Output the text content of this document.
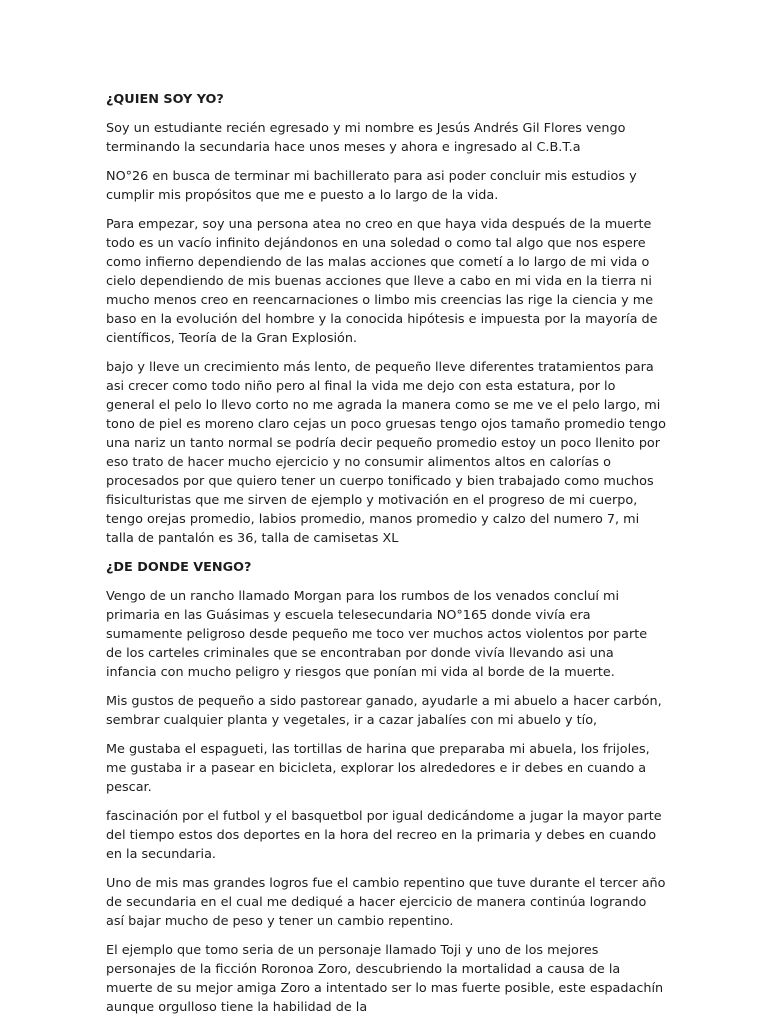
¿QUIEN SOY YO?

Soy un estudiante recién egresado y mi nombre es Jesús Andrés Gil Flores vengo terminando la secundaria hace unos meses y ahora e ingresado al C.B.T.a

NO°26 en busca de terminar mi bachillerato para asi poder concluir mis estudios y cumplir mis propósitos que me e puesto a lo largo de la vida.

Para empezar, soy una persona atea no creo en que haya vida después de la muerte todo es un vacío infinito dejándonos en una soledad o como tal algo que nos espere como infierno dependiendo de las malas acciones que cometí a lo largo de mi vida o cielo dependiendo de mis buenas acciones que lleve a cabo en mi vida en la tierra ni mucho menos creo en reencarnaciones o limbo mis creencias las rige la ciencia y me baso en la evolución del hombre y la conocida hipótesis e impuesta por la mayoría de científicos, Teoría de la Gran Explosión.

bajo y lleve un crecimiento más lento, de pequeño lleve diferentes tratamientos para asi crecer como todo niño pero al final la vida me dejo con esta estatura, por lo general el pelo lo llevo corto no me agrada la manera como se me ve el pelo largo, mi tono de piel es moreno claro cejas un poco gruesas tengo ojos tamaño promedio tengo una nariz un tanto normal se podría decir pequeño promedio estoy un poco llenito por eso trato de hacer mucho ejercicio y no consumir alimentos altos en calorías o procesados por que quiero tener un cuerpo tonificado y bien trabajado como muchos fisiculturistas que me sirven de ejemplo y motivación en el progreso de mi cuerpo, tengo orejas promedio, labios promedio, manos promedio y calzo del numero 7, mi talla de pantalón es 36, talla de camisetas XL

¿DE DONDE VENGO?

Vengo de un rancho llamado Morgan para los rumbos de los venados concluí mi primaria en las Guásimas y escuela telesecundaria NO°165 donde vivía era sumamente peligroso desde pequeño me toco ver muchos actos violentos por parte de los carteles criminales que se encontraban por donde vivía llevando asi una infancia con mucho peligro y riesgos que ponían mi vida al borde de la muerte.

Mis gustos de pequeño a sido pastorear ganado, ayudarle a mi abuelo a hacer carbón, sembrar cualquier planta y vegetales, ir a cazar jabalíes con mi abuelo y tío,

Me gustaba el espagueti, las tortillas de harina que preparaba mi abuela, los frijoles, me gustaba ir a pasear en bicicleta, explorar los alrededores e ir debes en cuando a pescar.

fascinación por el futbol y el basquetbol por igual dedicándome a jugar la mayor parte del tiempo estos dos deportes en la hora del recreo en la primaria y debes en cuando en la secundaria.

Uno de mis mas grandes logros fue el cambio repentino que tuve durante el tercer año de secundaria en el cual me dediqué a hacer ejercicio de manera continúa logrando así bajar mucho de peso y tener un cambio repentino.

El ejemplo que tomo seria de un personaje llamado Toji y uno de los mejores personajes de la ficción Roronoa Zoro, descubriendo la mortalidad a causa de la muerte de su mejor amiga Zoro a intentado ser lo mas fuerte posible, este espadachín aunque orgulloso tiene la habilidad de la
